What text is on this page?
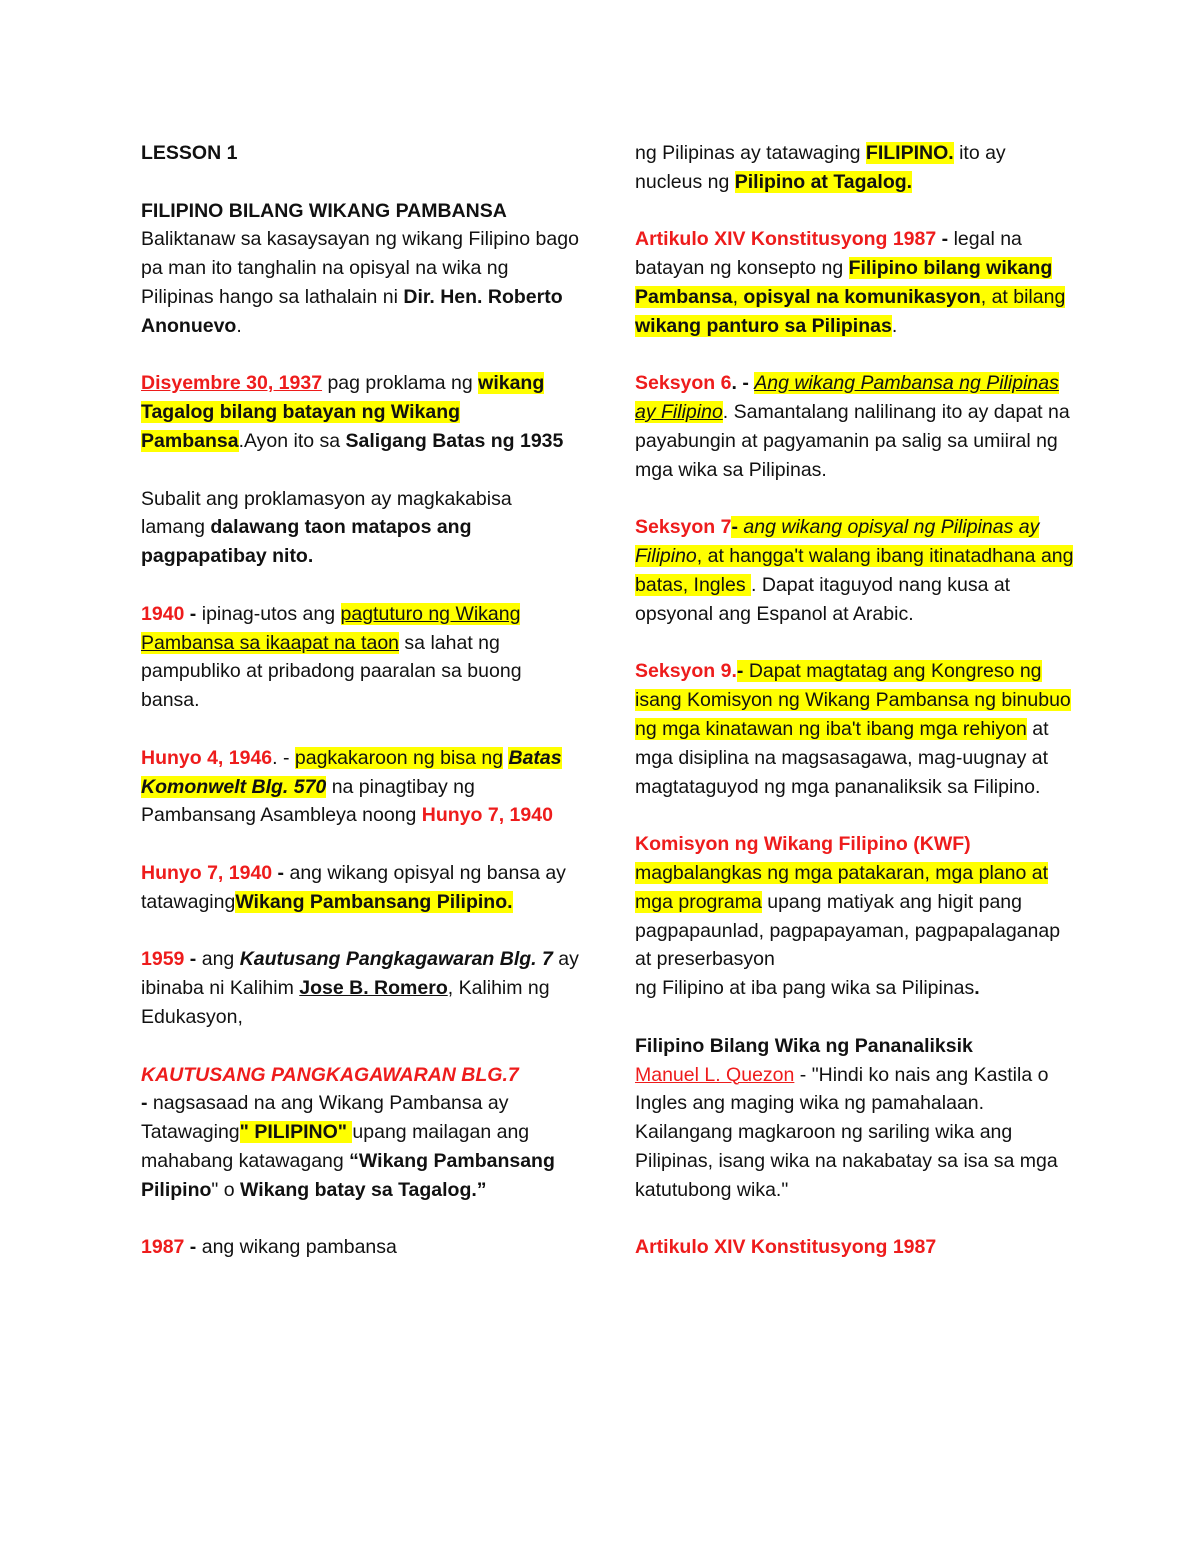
LESSON 1

FILIPINO BILANG WIKANG PAMBANSA
Baliktanaw sa kasaysayan ng wikang Filipino bago pa man ito tanghalin na opisyal na wika ng Pilipinas hango sa lathalain ni Dir. Hen. Roberto Anonuevo.

Disyembre 30, 1937 pag proklama ng wikang Tagalog bilang batayan ng Wikang Pambansa.Ayon ito sa Saligang Batas ng 1935

Subalit ang proklamasyon ay magkakabisa lamang dalawang taon matapos ang pagpapatibay nito.

1940 - ipinag-utos ang pagtuturo ng Wikang Pambansa sa ikaapat na taon sa lahat ng pampubliko at pribadong paaralan sa buong bansa.

Hunyo 4, 1946. - pagkakaroon ng bisa ng Batas Komonwelt Blg. 570 na pinagtibay ng Pambansang Asambleya noong Hunyo 7, 1940

Hunyo 7, 1940 - ang wikang opisyal ng bansa ay tatawagingWikang Pambansang Pilipino.

1959 - ang Kautusang Pangkagawaran Blg. 7 ay ibinaba ni Kalihim Jose B. Romero, Kalihim ng Edukasyon,

KAUTUSANG PANGKAGAWARAN BLG.7
- nagsasaad na ang Wikang Pambansa ay Tatawaging" PILIPINO" upang mailagan ang mahabang katawagang “Wikang Pambansang Pilipino" o Wikang batay sa Tagalog.”

1987 - ang wikang pambansa

ng Pilipinas ay tatawaging FILIPINO. ito ay nucleus ng Pilipino at Tagalog.

Artikulo XIV Konstitusyong 1987 - legal na batayan ng konsepto ng Filipino bilang wikang Pambansa, opisyal na komunikasyon, at bilang wikang panturo sa Pilipinas.

Seksyon 6. - Ang wikang Pambansa ng Pilipinas ay Filipino. Samantalang nalilinang ito ay dapat na payabungin at pagyamanin pa salig sa umiiral ng mga wika sa Pilipinas.

Seksyon 7- ang wikang opisyal ng Pilipinas ay Filipino, at hangga't walang ibang itinatadhana ang batas, Ingles . Dapat itaguyod nang kusa at
opsyonal ang Espanol at Arabic.

Seksyon 9.- Dapat magtatag ang Kongreso ng isang Komisyon ng Wikang Pambansa ng binubuo ng mga kinatawan ng iba't ibang mga rehiyon at mga disiplina na magsasagawa, mag-uugnay at magtataguyod ng mga pananaliksik sa Filipino.

Komisyon ng Wikang Filipino (KWF)
magbalangkas ng mga patakaran, mga plano at mga programa upang matiyak ang higit pang pagpapaunlad, pagpapayaman, pagpapalaganap at preserbasyon
ng Filipino at iba pang wika sa Pilipinas.

Filipino Bilang Wika ng Pananaliksik
Manuel L. Quezon - "Hindi ko nais ang Kastila o Ingles ang maging wika ng pamahalaan. Kailangang magkaroon ng sariling wika ang Pilipinas, isang wika na nakabatay sa isa sa mga katutubong wika."

Artikulo XIV Konstitusyong 1987
